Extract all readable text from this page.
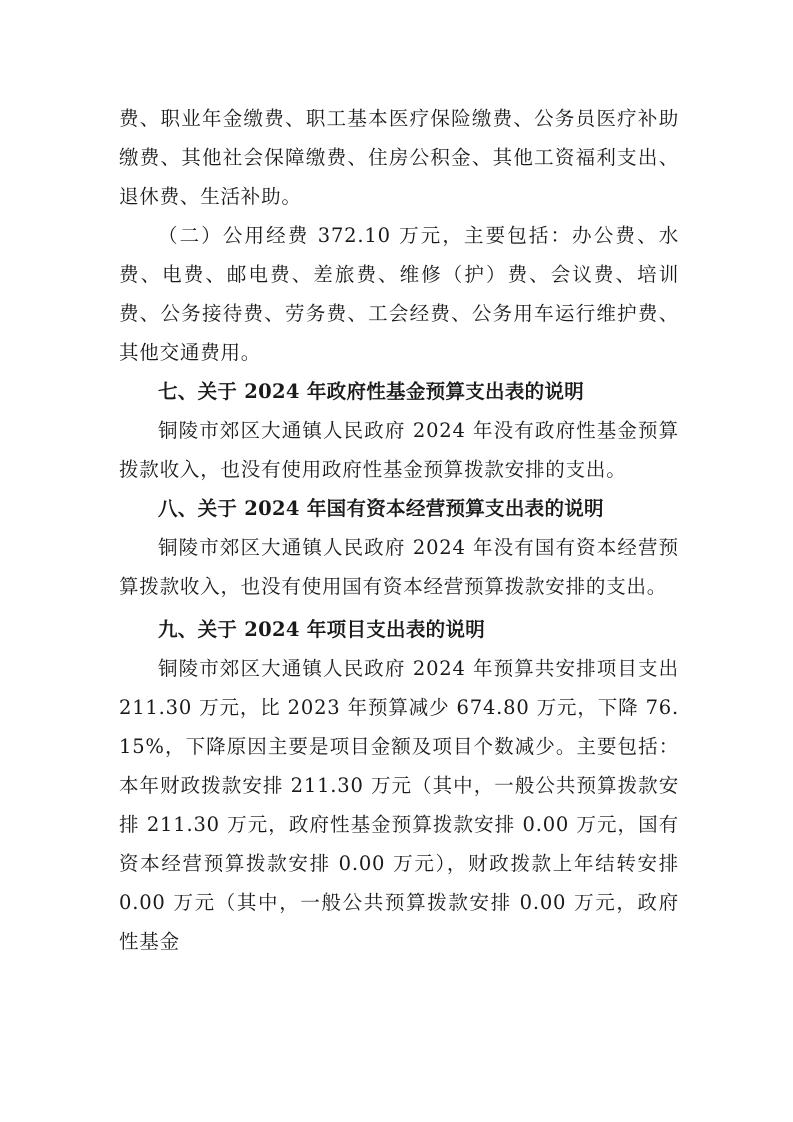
费、职业年金缴费、职工基本医疗保险缴费、公务员医疗补助缴费、其他社会保障缴费、住房公积金、其他工资福利支出、退休费、生活补助。

（二）公用经费 372.10 万元，主要包括：办公费、水费、电费、邮电费、差旅费、维修（护）费、会议费、培训费、公务接待费、劳务费、工会经费、公务用车运行维护费、其他交通费用。

七、关于 2024 年政府性基金预算支出表的说明

铜陵市郊区大通镇人民政府 2024 年没有政府性基金预算拨款收入，也没有使用政府性基金预算拨款安排的支出。

八、关于 2024 年国有资本经营预算支出表的说明

铜陵市郊区大通镇人民政府 2024 年没有国有资本经营预算拨款收入，也没有使用国有资本经营预算拨款安排的支出。

九、关于 2024 年项目支出表的说明

铜陵市郊区大通镇人民政府 2024 年预算共安排项目支出 211.30 万元，比 2023 年预算减少 674.80 万元，下降 76.15%，下降原因主要是项目金额及项目个数减少。主要包括：本年财政拨款安排 211.30 万元（其中，一般公共预算拨款安排 211.30 万元，政府性基金预算拨款安排 0.00 万元，国有资本经营预算拨款安排 0.00 万元），财政拨款上年结转安排 0.00 万元（其中，一般公共预算拨款安排 0.00 万元，政府性基金
